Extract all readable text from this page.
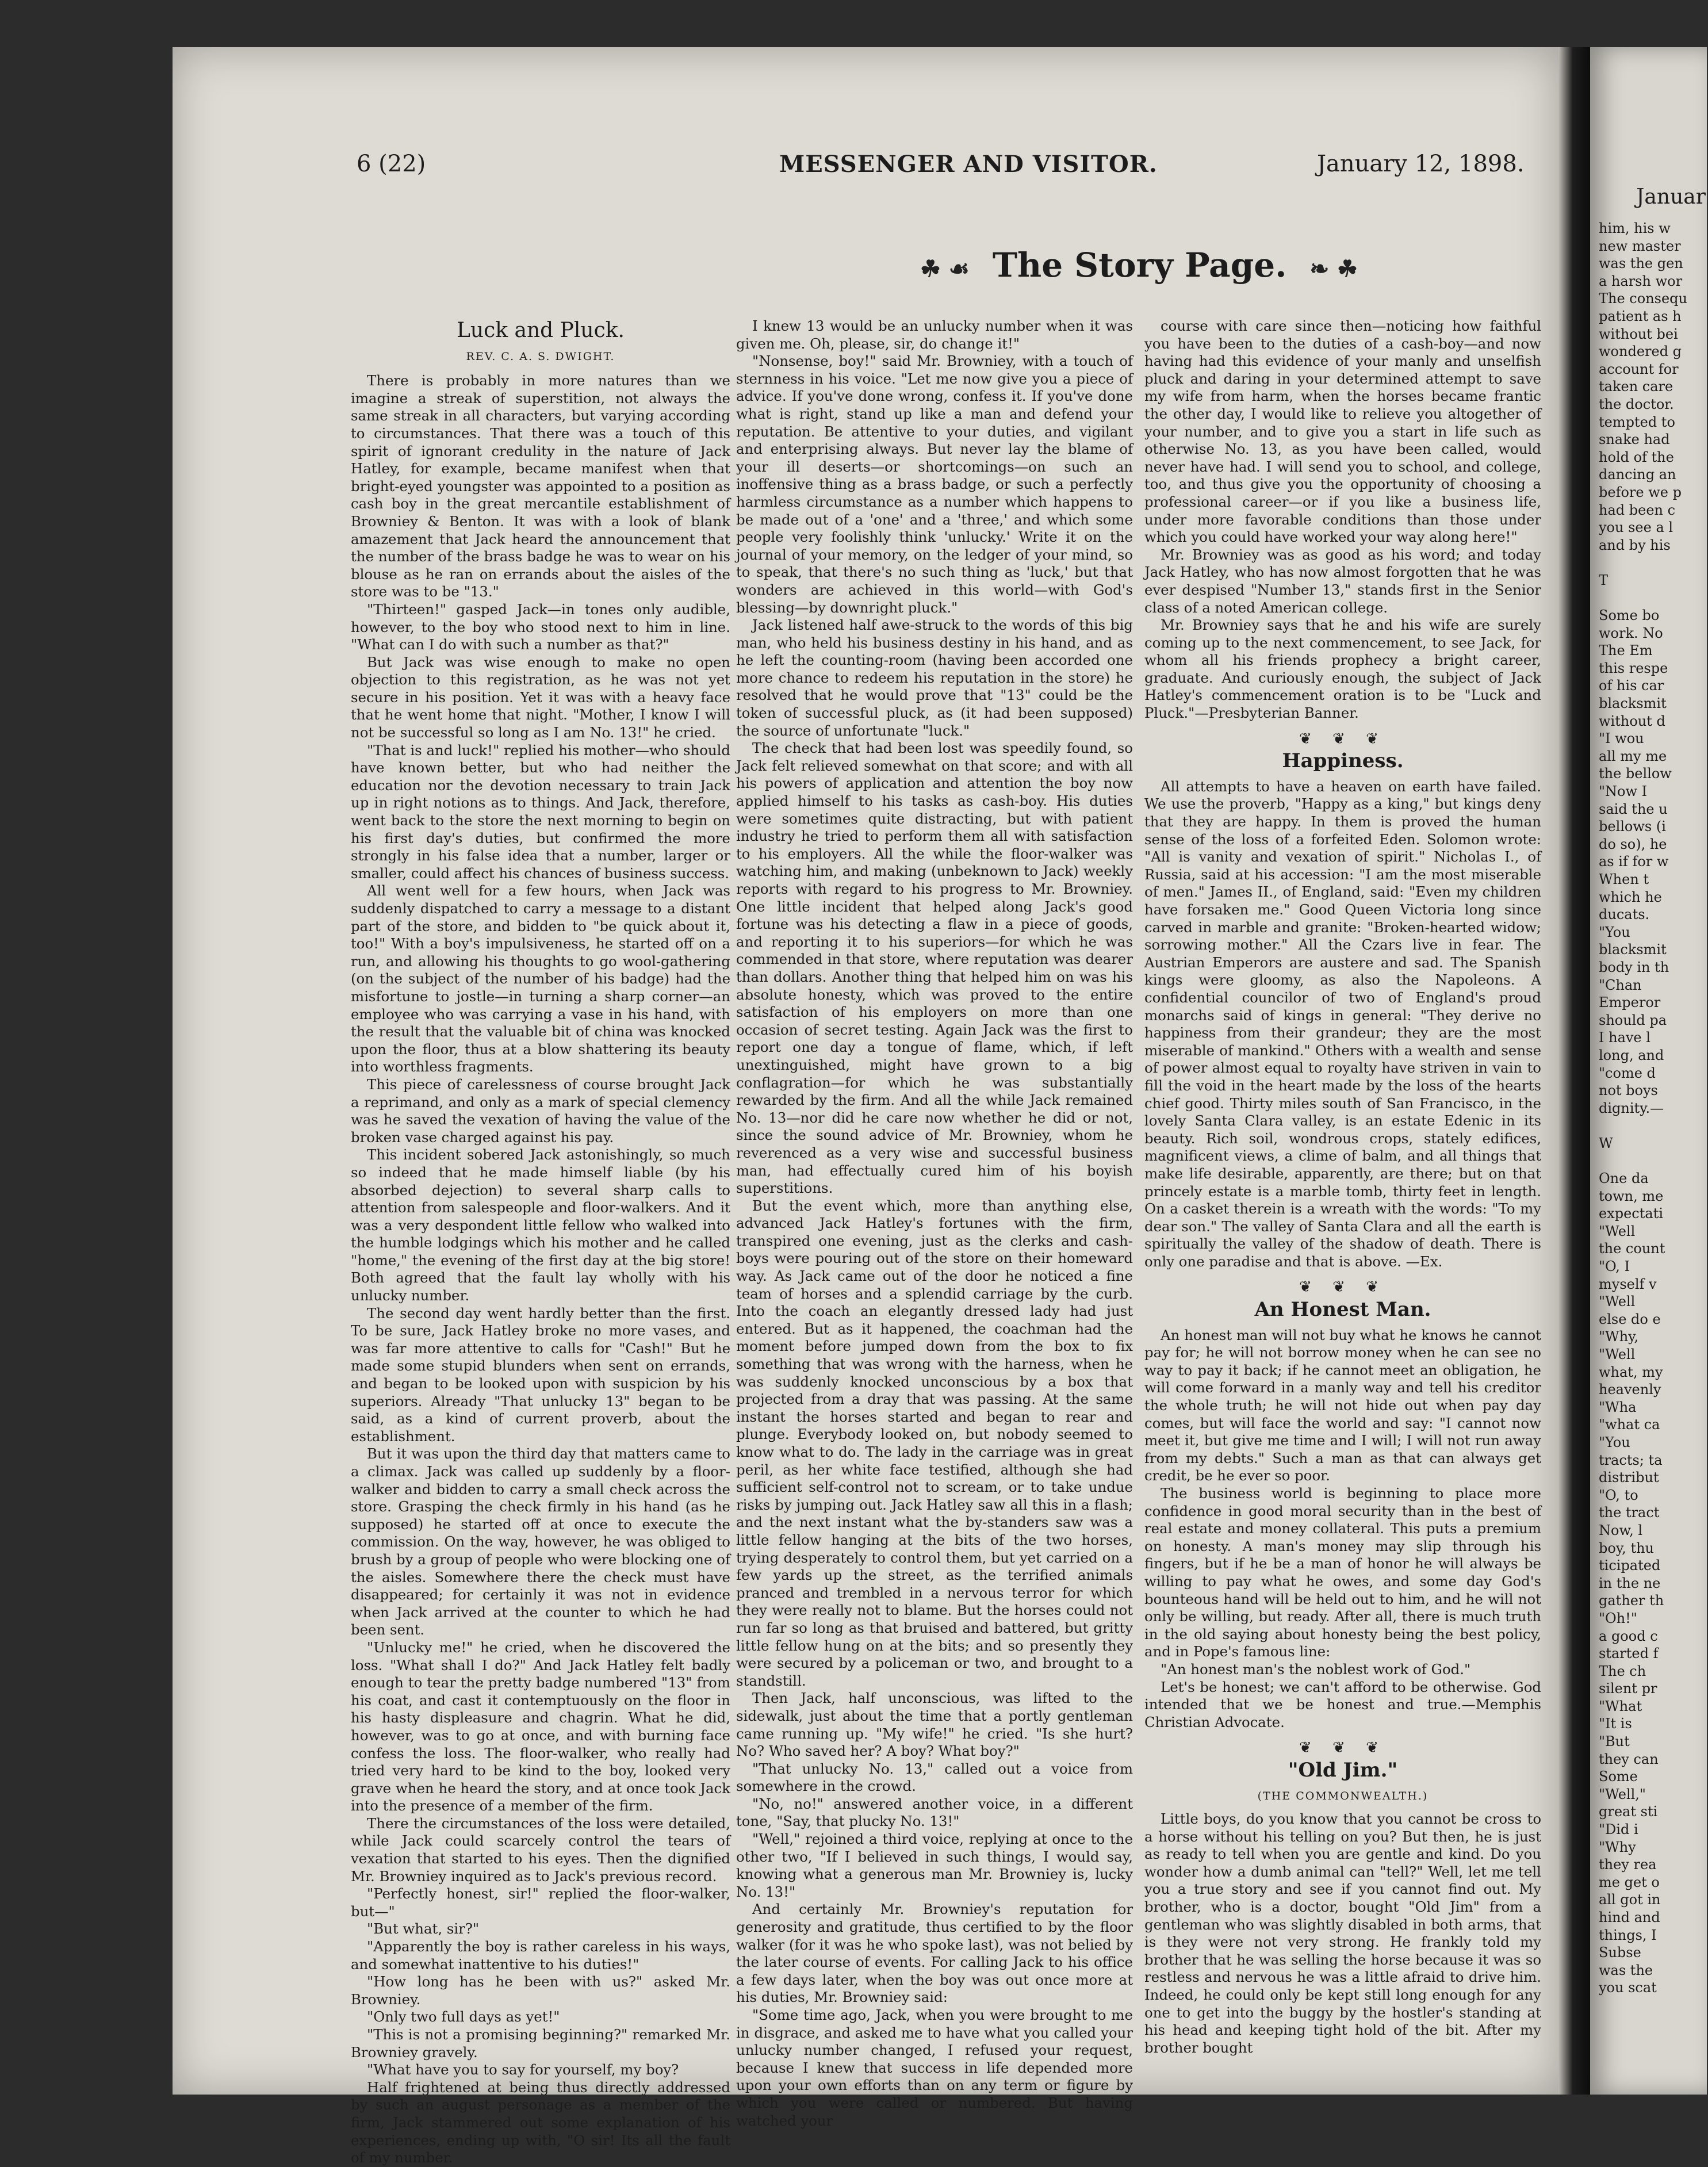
6 (22)	MESSENGER AND VISITOR.	January 12, 1898.
☘ ☙ The Story Page. ❧ ☘
Luck and Pluck.
REV. C. A. S. DWIGHT.

There is probably in more natures than we imagine a streak of superstition, not always the same streak in all characters, but varying according to circumstances. That there was a touch of this spirit of ignorant credulity in the nature of Jack Hatley, for example, became manifest when that bright-eyed youngster was appointed to a position as cash boy in the great mercantile establishment of Browniey & Benton. It was with a look of blank amazement that Jack heard the announcement that the number of the brass badge he was to wear on his blouse as he ran on errands about the aisles of the store was to be "13."

"Thirteen!" gasped Jack—in tones only audible, however, to the boy who stood next to him in line. "What can I do with such a number as that?"

But Jack was wise enough to make no open objection to this registration, as he was not yet secure in his position. Yet it was with a heavy face that he went home that night. "Mother, I know I will not be successful so long as I am No. 13!" he cried.

"That is and luck!" replied his mother—who should have known better, but who had neither the education nor the devotion necessary to train Jack up in right notions as to things. And Jack, therefore, went back to the store the next morning to begin on his first day's duties, but confirmed the more strongly in his false idea that a number, larger or smaller, could affect his chances of business success.

All went well for a few hours, when Jack was suddenly dispatched to carry a message to a distant part of the store, and bidden to "be quick about it, too!" With a boy's impulsiveness, he started off on a run, and allowing his thoughts to go wool-gathering (on the subject of the number of his badge) had the misfortune to jostle—in turning a sharp corner—an employee who was carrying a vase in his hand, with the result that the valuable bit of china was knocked upon the floor, thus at a blow shattering its beauty into worthless fragments.

This piece of carelessness of course brought Jack a reprimand, and only as a mark of special clemency was he saved the vexation of having the value of the broken vase charged against his pay.

This incident sobered Jack astonishingly, so much so indeed that he made himself liable (by his absorbed dejection) to several sharp calls to attention from salespeople and floor-walkers. And it was a very despondent little fellow who walked into the humble lodgings which his mother and he called "home," the evening of the first day at the big store! Both agreed that the fault lay wholly with his unlucky number.

The second day went hardly better than the first. To be sure, Jack Hatley broke no more vases, and was far more attentive to calls for "Cash!" But he made some stupid blunders when sent on errands, and began to be looked upon with suspicion by his superiors. Already "That unlucky 13" began to be said, as a kind of current proverb, about the establishment.

But it was upon the third day that matters came to a climax. Jack was called up suddenly by a floor-walker and bidden to carry a small check across the store. Grasping the check firmly in his hand (as he supposed) he started off at once to execute the commission. On the way, however, he was obliged to brush by a group of people who were blocking one of the aisles. Somewhere there the check must have disappeared; for certainly it was not in evidence when Jack arrived at the counter to which he had been sent.

"Unlucky me!" he cried, when he discovered the loss. "What shall I do?" And Jack Hatley felt badly enough to tear the pretty badge numbered "13" from his coat, and cast it contemptuously on the floor in his hasty displeasure and chagrin. What he did, however, was to go at once, and with burning face confess the loss. The floor-walker, who really had tried very hard to be kind to the boy, looked very grave when he heard the story, and at once took Jack into the presence of a member of the firm.

There the circumstances of the loss were detailed, while Jack could scarcely control the tears of vexation that started to his eyes. Then the dignified Mr. Browniey inquired as to Jack's previous record.

"Perfectly honest, sir!" replied the floor-walker, but—"

"But what, sir?"

"Apparently the boy is rather careless in his ways, and somewhat inattentive to his duties!"

"How long has he been with us?" asked Mr. Browniey.

"Only two full days as yet!"

"This is not a promising beginning?" remarked Mr. Browniey gravely.

"What have you to say for yourself, my boy?

Half frightened at being thus directly addressed by such an august personage as a member of the firm, Jack stammered out some explanation of his experiences, ending up with, "O sir! Its all the fault of my number.

I knew 13 would be an unlucky number when it was given me. Oh, please, sir, do change it!"

"Nonsense, boy!" said Mr. Browniey, with a touch of sternness in his voice. "Let me now give you a piece of advice. If you've done wrong, confess it. If you've done what is right, stand up like a man and defend your reputation. Be attentive to your duties, and vigilant and enterprising always. But never lay the blame of your ill deserts—or shortcomings—on such an inoffensive thing as a brass badge, or such a perfectly harmless circumstance as a number which happens to be made out of a 'one' and a 'three,' and which some people very foolishly think 'unlucky.' Write it on the journal of your memory, on the ledger of your mind, so to speak, that there's no such thing as 'luck,' but that wonders are achieved in this world—with God's blessing—by downright pluck."

Jack listened half awe-struck to the words of this big man, who held his business destiny in his hand, and as he left the counting-room (having been accorded one more chance to redeem his reputation in the store) he resolved that he would prove that "13" could be the token of successful pluck, as (it had been supposed) the source of unfortunate "luck."

The check that had been lost was speedily found, so Jack felt relieved somewhat on that score; and with all his powers of application and attention the boy now applied himself to his tasks as cash-boy. His duties were sometimes quite distracting, but with patient industry he tried to perform them all with satisfaction to his employers. All the while the floor-walker was watching him, and making (unbeknown to Jack) weekly reports with regard to his progress to Mr. Browniey. One little incident that helped along Jack's good fortune was his detecting a flaw in a piece of goods, and reporting it to his superiors—for which he was commended in that store, where reputation was dearer than dollars. Another thing that helped him on was his absolute honesty, which was proved to the entire satisfaction of his employers on more than one occasion of secret testing. Again Jack was the first to report one day a tongue of flame, which, if left unextinguished, might have grown to a big conflagration—for which he was substantially rewarded by the firm. And all the while Jack remained No. 13—nor did he care now whether he did or not, since the sound advice of Mr. Browniey, whom he reverenced as a very wise and successful business man, had effectually cured him of his boyish superstitions.

But the event which, more than anything else, advanced Jack Hatley's fortunes with the firm, transpired one evening, just as the clerks and cash-boys were pouring out of the store on their homeward way. As Jack came out of the door he noticed a fine team of horses and a splendid carriage by the curb. Into the coach an elegantly dressed lady had just entered. But as it happened, the coachman had the moment before jumped down from the box to fix something that was wrong with the harness, when he was suddenly knocked unconscious by a box that projected from a dray that was passing. At the same instant the horses started and began to rear and plunge. Everybody looked on, but nobody seemed to know what to do. The lady in the carriage was in great peril, as her white face testified, although she had sufficient self-control not to scream, or to take undue risks by jumping out. Jack Hatley saw all this in a flash; and the next instant what the by-standers saw was a little fellow hanging at the bits of the two horses, trying desperately to control them, but yet carried on a few yards up the street, as the terrified animals pranced and trembled in a nervous terror for which they were really not to blame. But the horses could not run far so long as that bruised and battered, but gritty little fellow hung on at the bits; and so presently they were secured by a policeman or two, and brought to a standstill.

Then Jack, half unconscious, was lifted to the sidewalk, just about the time that a portly gentleman came running up. "My wife!" he cried. "Is she hurt? No? Who saved her? A boy? What boy?"

"That unlucky No. 13," called out a voice from somewhere in the crowd.

"No, no!" answered another voice, in a different tone, "Say, that plucky No. 13!"

"Well," rejoined a third voice, replying at once to the other two, "If I believed in such things, I would say, knowing what a generous man Mr. Browniey is, lucky No. 13!"

And certainly Mr. Browniey's reputation for generosity and gratitude, thus certified to by the floor walker (for it was he who spoke last), was not belied by the later course of events. For calling Jack to his office a few days later, when the boy was out once more at his duties, Mr. Browniey said:

"Some time ago, Jack, when you were brought to me in disgrace, and asked me to have what you called your unlucky number changed, I refused your request, because I knew that success in life depended more upon your own efforts than on any term or figure by which you were called or numbered. But having watched your

course with care since then—noticing how faithful you have been to the duties of a cash-boy—and now having had this evidence of your manly and unselfish pluck and daring in your determined attempt to save my wife from harm, when the horses became frantic the other day, I would like to relieve you altogether of your number, and to give you a start in life such as otherwise No. 13, as you have been called, would never have had. I will send you to school, and college, too, and thus give you the opportunity of choosing a professional career—or if you like a business life, under more favorable conditions than those under which you could have worked your way along here!"

Mr. Browniey was as good as his word; and today Jack Hatley, who has now almost forgotten that he was ever despised "Number 13," stands first in the Senior class of a noted American college.

Mr. Browniey says that he and his wife are surely coming up to the next commencement, to see Jack, for whom all his friends prophecy a bright career, graduate. And curiously enough, the subject of Jack Hatley's commencement oration is to be "Luck and Pluck."—Presbyterian Banner.

❦ ❦ ❦
Happiness.

All attempts to have a heaven on earth have failed. We use the proverb, "Happy as a king," but kings deny that they are happy. In them is proved the human sense of the loss of a forfeited Eden. Solomon wrote: "All is vanity and vexation of spirit." Nicholas I., of Russia, said at his accession: "I am the most miserable of men." James II., of England, said: "Even my children have forsaken me." Good Queen Victoria long since carved in marble and granite: "Broken-hearted widow; sorrowing mother." All the Czars live in fear. The Austrian Emperors are austere and sad. The Spanish kings were gloomy, as also the Napoleons. A confidential councilor of two of England's proud monarchs said of kings in general: "They derive no happiness from their grandeur; they are the most miserable of mankind." Others with a wealth and sense of power almost equal to royalty have striven in vain to fill the void in the heart made by the loss of the hearts chief good. Thirty miles south of San Francisco, in the lovely Santa Clara valley, is an estate Edenic in its beauty. Rich soil, wondrous crops, stately edifices, magnificent views, a clime of balm, and all things that make life desirable, apparently, are there; but on that princely estate is a marble tomb, thirty feet in length. On a casket therein is a wreath with the words: "To my dear son." The valley of Santa Clara and all the earth is spiritually the valley of the shadow of death. There is only one paradise and that is above. —Ex.

❦ ❦ ❦
An Honest Man.

An honest man will not buy what he knows he cannot pay for; he will not borrow money when he can see no way to pay it back; if he cannot meet an obligation, he will come forward in a manly way and tell his creditor the whole truth; he will not hide out when pay day comes, but will face the world and say: "I cannot now meet it, but give me time and I will; I will not run away from my debts." Such a man as that can always get credit, be he ever so poor.

The business world is beginning to place more confidence in good moral security than in the best of real estate and money collateral. This puts a premium on honesty. A man's money may slip through his fingers, but if he be a man of honor he will always be willing to pay what he owes, and some day God's bounteous hand will be held out to him, and he will not only be willing, but ready. After all, there is much truth in the old saying about honesty being the best policy, and in Pope's famous line:

"An honest man's the noblest work of God."

Let's be honest; we can't afford to be otherwise. God intended that we be honest and true.—Memphis Christian Advocate.

❦ ❦ ❦
"Old Jim."
(THE COMMONWEALTH.)

Little boys, do you know that you cannot be cross to a horse without his telling on you? But then, he is just as ready to tell when you are gentle and kind. Do you wonder how a dumb animal can "tell?" Well, let me tell you a true story and see if you cannot find out. My brother, who is a doctor, bought "Old Jim" from a gentleman who was slightly disabled in both arms, that is they were not very strong. He frankly told my brother that he was selling the horse because it was so restless and nervous he was a little afraid to drive him. Indeed, he could only be kept still long enough for any one to get into the buggy by the hostler's standing at his head and keeping tight hold of the bit. After my brother bought

Januar

him, his w

new master

was the gen

a harsh wor

The consequ

patient as h

without bei

wondered g

account for

taken care

the doctor.

tempted to

snake had

hold of the

dancing an

before we p

had been c

you see a l

and by his

T

Some bo

work. No

The Em

this respe

of his car

blacksmit

without d

"I wou

all my me

the bellow

"Now I

said the u

bellows (i

do so), he

as if for w

When t

which he

ducats.

"You

blacksmit

body in th

"Chan

Emperor

should pa

I have l

long, and

"come d

not boys

dignity.—

W

One da

town, me

expectati

"Well

the count

"O, I

myself v

"Well

else do e

"Why,

"Well

what, my

heavenly

"Wha

"what ca

"You

tracts; ta

distribut

"O, to

the tract

Now, l

boy, thu

ticipated

in the ne

gather th

"Oh!"

a good c

started f

The ch

silent pr

"What

"It is

"But

they can

Some

"Well,"

great sti

"Did i

"Why

they rea

me get o

all got in

hind and

things, I

Subse

was the

you scat
